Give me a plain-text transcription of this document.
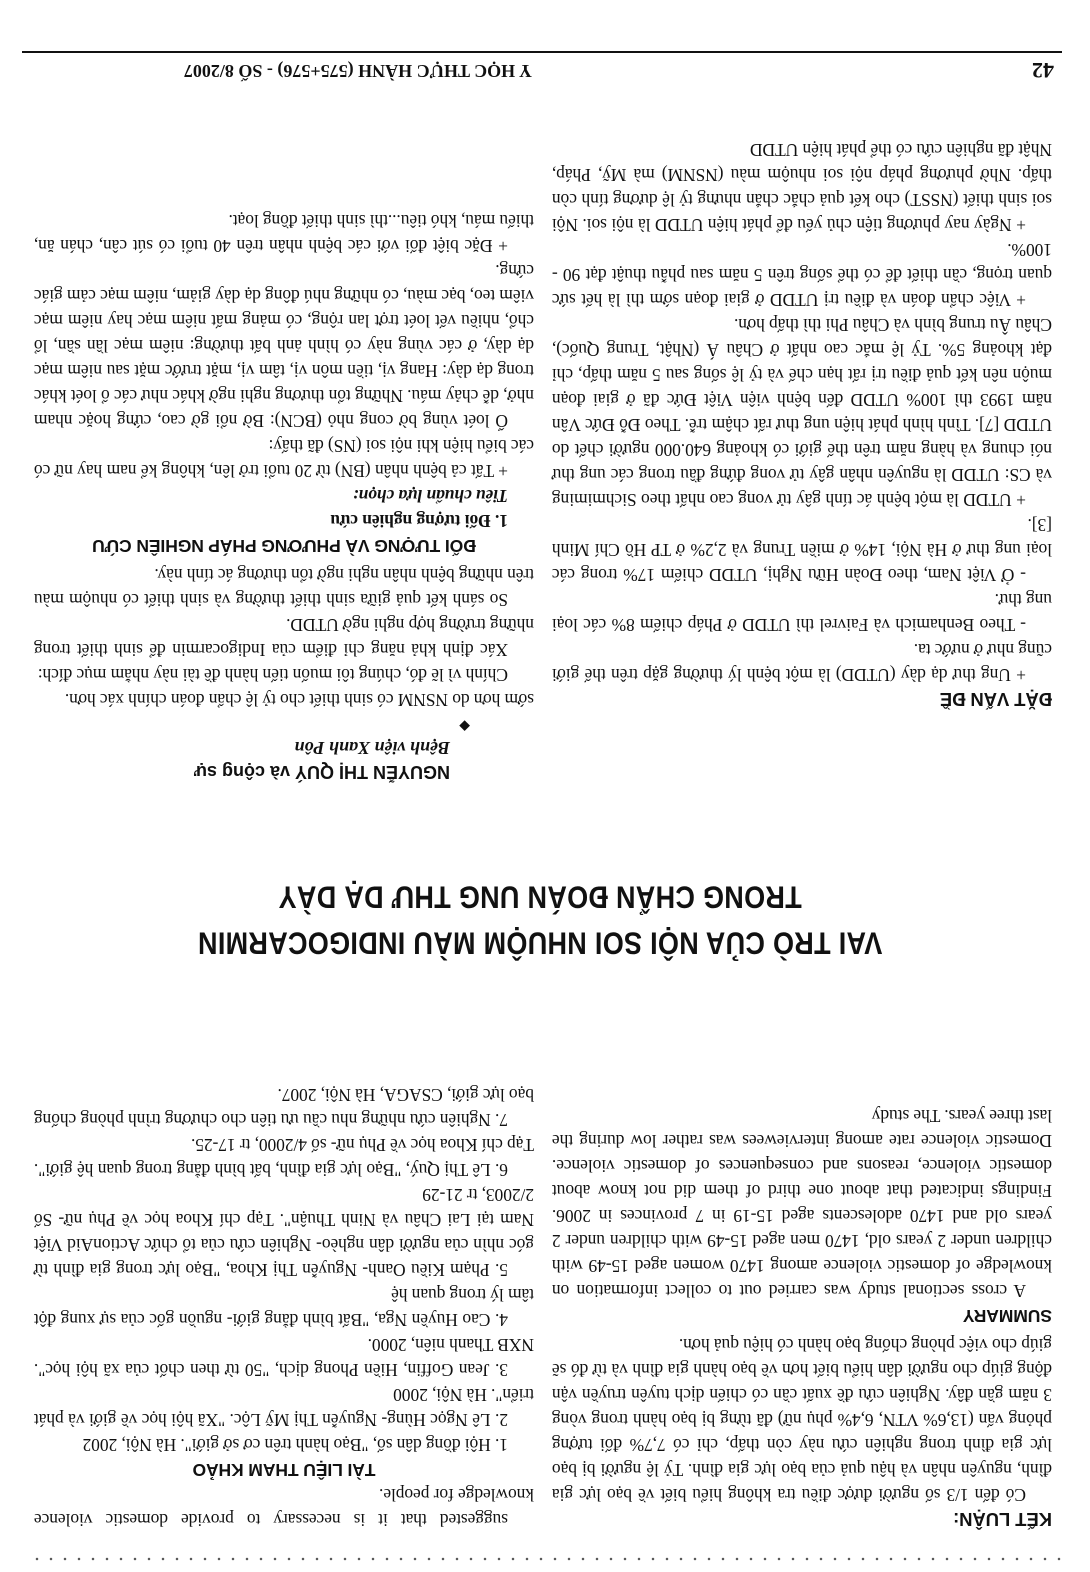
KẾT LUẬN:

Có đến 1/3 số người được điều tra không hiểu biết về bạo lực gia đình, nguyên nhân và hậu quả của bạo lực gia đình. Tỷ lệ người bị bạo lực gia đình trong nghiên cứu này còn thấp, chỉ có 7,7% đối tượng phỏng vấn (13,6% VTN, 6,4% phụ nữ) đã từng bị bạo hành trong vòng 3 năm gần đây. Nghiên cứu đề xuất cần có chiến dịch tuyên truyền vận động giúp cho người dân hiểu biết hơn về bạo hành gia đình và từ đó sẽ giúp cho việc phòng chống bạo hành có hiệu quả hơn.

SUMMARY

A cross sectional study was carried out to collect information on knowledge of domestic violence among 1470 women aged 15-49 with children under 2 years old, 1470 men aged 15-49 with children under 2 years old and 1470 adolescents aged 15-19 in 7 provinces in 2006. Findings indicated that about one third of them did not know about domestic violence, reasons and consequences of domestic violence. Domestic violence rate among interviewees was rather low during the last three years. The study

suggested that it is necessary to provide domestic violence knowledge for people.

TÀI LIỆU THAM KHẢO

1. Hội đồng dân số, "Bạo hành trên cơ sở giới". Hà Nội, 2002

2. Lê Ngọc Hùng- Nguyễn Thị Mỹ Lộc. "Xã hội học về giới và phát triển". Hà Nội, 2000

3. Jean Goffin, Hiền Phong dịch, "50 từ then chốt của xã hội học". NXB Thanh niên, 2000.

4. Cao Huyền Nga, "Bất bình đẳng giới- nguồn gốc của sự xung đột tâm lý trong quan hệ

5. Phạm Kiều Oanh- Nguyễn Thị Khoa, "Bạo lực trong gia đình từ góc nhìn của người dân nghèo- Nghiên cứu của tổ chức ActionAid Việt Nam tại Lai Châu và Ninh Thuận". Tạp chí Khoa học về Phụ nữ- Số 2/2003, tr 21-29

6. Lê Thị Quý, "Bạo lực gia đình, bất bình đẳng trong quan hệ giới". Tạp chí Khoa học về Phụ nữ- số 4/2000, tr 17-25.

7. Nghiên cứu những nhu cầu ưu tiên cho chương trình phòng chống bạo lực giới, CSAGA, Hà Nội, 2007.

VAI TRÒ CỦA NỘI SOI NHUỘM MÀU INDIGOCARMIN
TRONG CHẨN ĐOÁN UNG THƯ DẠ DÀY
NGUYỄN THỊ QUÝ và cộng sự
Bệnh viện Xanh Pôn
◆
ĐẶT VẤN ĐỀ

+ Ung thư dạ dày (UTDD) là một bệnh lý thường gặp trên thế giới cũng như ở nước ta.

- Theo Benhamich và Faivrel thì UTDD ở Pháp chiếm 8% các loại ung thư.

- Ở Việt Nam, theo Đoàn Hữu Nghị, UTDD chiếm 17% trong các loại ung thư ở Hà Nội, 14% ở miền Trung và 2,2% ở TP Hồ Chí Minh [3].

+ UTDD là một bệnh ác tính gây tử vong cao nhất theo Sichmiming và CS: UTDD là nguyên nhân gây tử vong đứng đầu trong các ung thư nói chung và hàng năm trên thế giới có khoảng 640.000 người chết do UTDD [7]. Tình hình phát hiện ung thư rất chậm trễ. Theo Đỗ Đức Vân năm 1993 thì 100% UTDD đến bệnh viện Việt Đức đã ở giai đoạn muộn nên kết quả điều trị rất hạn chế và tỷ lệ sống sau 5 năm thấp, chỉ đạt khoảng 5%. Tỷ lệ mắc cao nhất ở Châu Á (Nhật, Trung Quốc), Châu Âu trung bình và Châu Phi thì thấp hơn.

+ Việc chẩn đoán và điều trị UTDD ở giai đoạn sớm thì là hết sức quan trọng, cần thiết để có thể sống trên 5 năm sau phẫu thuật đạt 90 - 100%.

+ Ngày nay phương tiện chủ yếu để phát hiện UTDD là nội soi. Nội soi sinh thiết (NSST) cho kết quả chắc chắn nhưng tỷ lệ dương tính còn thấp. Nhờ phương pháp nội soi nhuộm màu (NSNM) mà Mỹ, Pháp, Nhật đã nghiên cứu có thể phát hiện UTDD

sớm hơn do NSNM có sinh thiết cho tỷ lệ chẩn đoán chính xác hơn.

Chính vì lẽ đó, chúng tôi muốn tiến hành đề tài này nhằm mục đích:

Xác định khả năng chỉ điểm của Indigocarmin để sinh thiết trong những trường hợp nghi ngờ UTDD.

So sánh kết quả giữa sinh thiết thường và sinh thiết có nhuộm màu trên những bệnh nhân nghi ngờ tổn thương ác tính này.

ĐỐI TƯỢNG VÀ PHƯƠNG PHÁP NGHIÊN CỨU
1. Đối tượng nghiên cứu
Tiêu chuẩn lựa chọn:

+ Tất cả bệnh nhân (BN) từ 20 tuổi trở lên, không kể nam hay nữ có các biểu hiện khi nội soi (NS) đã thấy:

Ổ loét vùng bờ cong nhỏ (BCN): Bờ nổi gờ cao, cứng hoặc nham nhở, dễ chảy máu. Những tổn thương nghi ngờ khác như các ổ loét khác trong dạ dày: Hang vị, tiền môn vị, tâm vị, mặt trước mặt sau niêm mạc dạ dày, ở các vùng này có hình ảnh bất thường: niêm mạc lần sần, lổ chổ, nhiều vết loét trợt lan rộng, có mảng mất niêm mạc hay niêm mạc viêm teo, bạc màu, có những nhú đông dạ dày giảm, niêm mạc cảm giác cứng.

+ Đặc biệt đối với các bệnh nhân trên 40 tuổi có sút cân, chán ăn, thiếu máu, khó tiêu...thì sinh thiết đồng loạt.

Y HỌC THỰC HÀNH (575+576) - SỐ 8/2007	42
